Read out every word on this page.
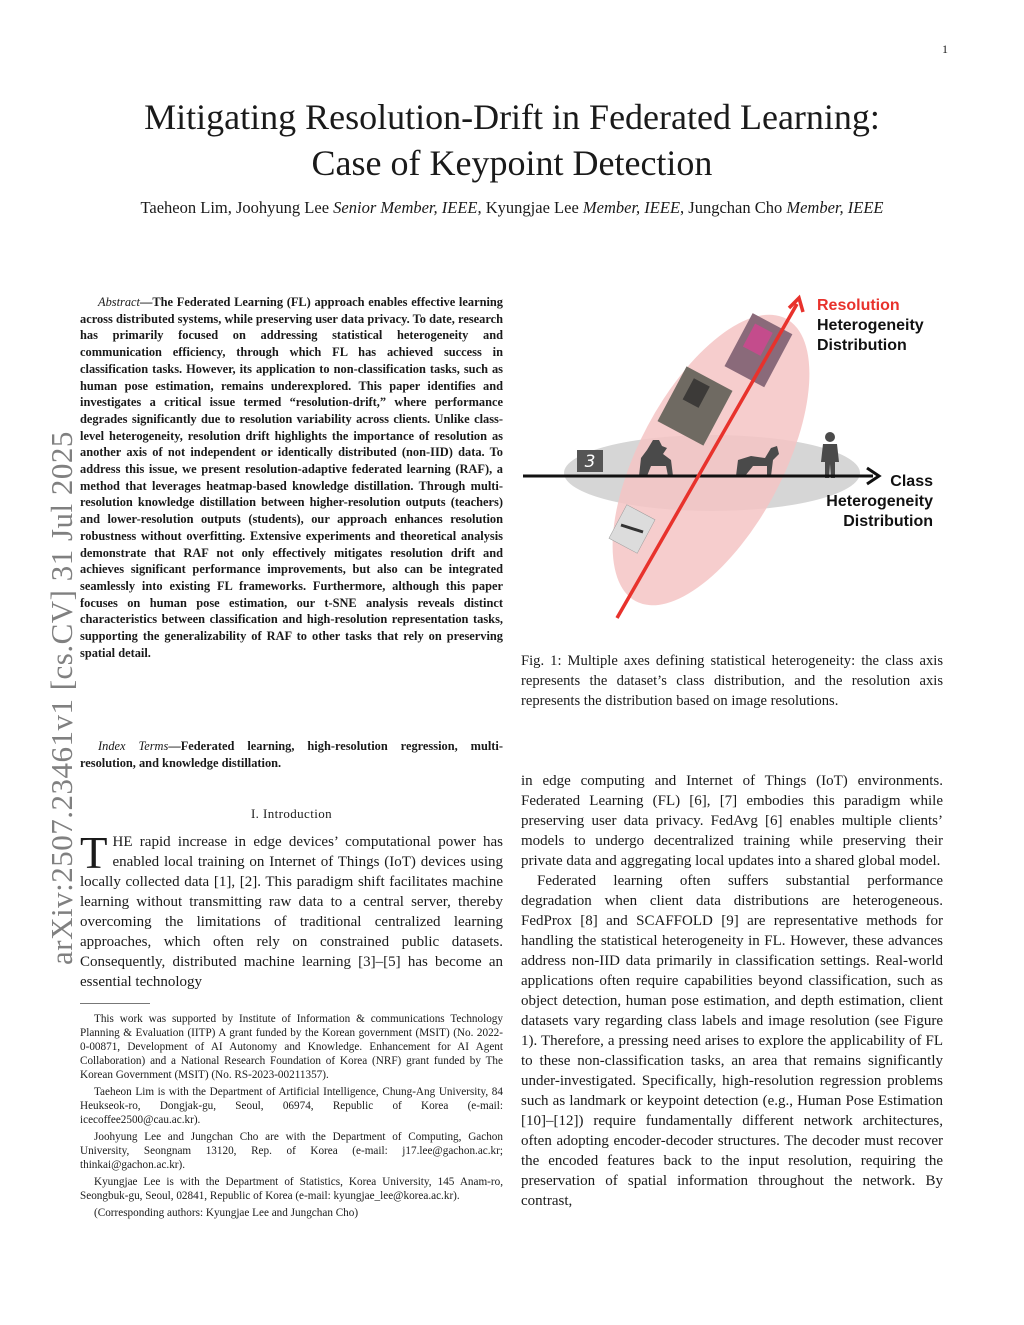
1
arXiv:2507.23461v1 [cs.CV] 31 Jul 2025
Mitigating Resolution-Drift in Federated Learning:
Case of Keypoint Detection
Taeheon Lim, Joohyung Lee Senior Member, IEEE, Kyungjae Lee Member, IEEE, Jungchan Cho Member, IEEE
Abstract—The Federated Learning (FL) approach enables effective learning across distributed systems, while preserving user data privacy. To date, research has primarily focused on addressing statistical heterogeneity and communication efficiency, through which FL has achieved success in classification tasks. However, its application to non-classification tasks, such as human pose estimation, remains underexplored. This paper identifies and investigates a critical issue termed “resolution-drift,” where performance degrades significantly due to resolution variability across clients. Unlike class-level heterogeneity, resolution drift highlights the importance of resolution as another axis of not independent or identically distributed (non-IID) data. To address this issue, we present resolution-adaptive federated learning (RAF), a method that leverages heatmap-based knowledge distillation. Through multi-resolution knowledge distillation between higher-resolution outputs (teachers) and lower-resolution outputs (students), our approach enhances resolution robustness without overfitting. Extensive experiments and theoretical analysis demonstrate that RAF not only effectively mitigates resolution drift and achieves significant performance improvements, but also can be integrated seamlessly into existing FL frameworks. Furthermore, although this paper focuses on human pose estimation, our t-SNE analysis reveals distinct characteristics between classification and high-resolution representation tasks, supporting the generalizability of RAF to other tasks that rely on preserving spatial detail.
Index Terms—Federated learning, high-resolution regression, multi-resolution, and knowledge distillation.
I. Introduction
THE rapid increase in edge devices’ computational power has enabled local training on Internet of Things (IoT) devices using locally collected data [1], [2]. This paradigm shift facilitates machine learning without transmitting raw data to a central server, thereby overcoming the limitations of traditional centralized learning approaches, which often rely on constrained public datasets. Consequently, distributed machine learning [3]–[5] has become an essential technology

This work was supported by Institute of Information & communications Technology Planning & Evaluation (IITP) A grant funded by the Korean government (MSIT) (No. 2022-0-00871, Development of AI Autonomy and Knowledge. Enhancement for AI Agent Collaboration) and a National Research Foundation of Korea (NRF) grant funded by The Korean Government (MSIT) (No. RS-2023-00211357).

Taeheon Lim is with the Department of Artificial Intelligence, Chung-Ang University, 84 Heukseok-ro, Dongjak-gu, Seoul, 06974, Republic of Korea (e-mail: icecoffee2500@cau.ac.kr).

Joohyung Lee and Jungchan Cho are with the Department of Computing, Gachon University, Seongnam 13120, Rep. of Korea (e-mail: j17.lee@gachon.ac.kr; thinkai@gachon.ac.kr).

Kyungjae Lee is with the Department of Statistics, Korea University, 145 Anam-ro, Seongbuk-gu, Seoul, 02841, Republic of Korea (e-mail: kyungjae_lee@korea.ac.kr).

(Corresponding authors: Kyungjae Lee and Jungchan Cho)

3
Resolution
Heterogeneity
Distribution
Class
Heterogeneity
Distribution
Fig. 1: Multiple axes defining statistical heterogeneity: the class axis represents the dataset’s class distribution, and the resolution axis represents the distribution based on image resolutions.

in edge computing and Internet of Things (IoT) environments. Federated Learning (FL) [6], [7] embodies this paradigm while preserving user data privacy. FedAvg [6] enables multiple clients’ models to undergo decentralized training while preserving their private data and aggregating local updates into a shared global model.

Federated learning often suffers substantial performance degradation when client data distributions are heterogeneous. FedProx [8] and SCAFFOLD [9] are representative methods for handling the statistical heterogeneity in FL. However, these advances address non-IID data primarily in classification settings. Real-world applications often require capabilities beyond classification, such as object detection, human pose estimation, and depth estimation, client datasets vary regarding class labels and image resolution (see Figure 1). Therefore, a pressing need arises to explore the applicability of FL to these non-classification tasks, an area that remains significantly under-investigated. Specifically, high-resolution regression problems such as landmark or keypoint detection (e.g., Human Pose Estimation [10]–[12]) require fundamentally different network architectures, often adopting encoder-decoder structures. The decoder must recover the encoded features back to the input resolution, requiring the preservation of spatial information throughout the network. By contrast,
